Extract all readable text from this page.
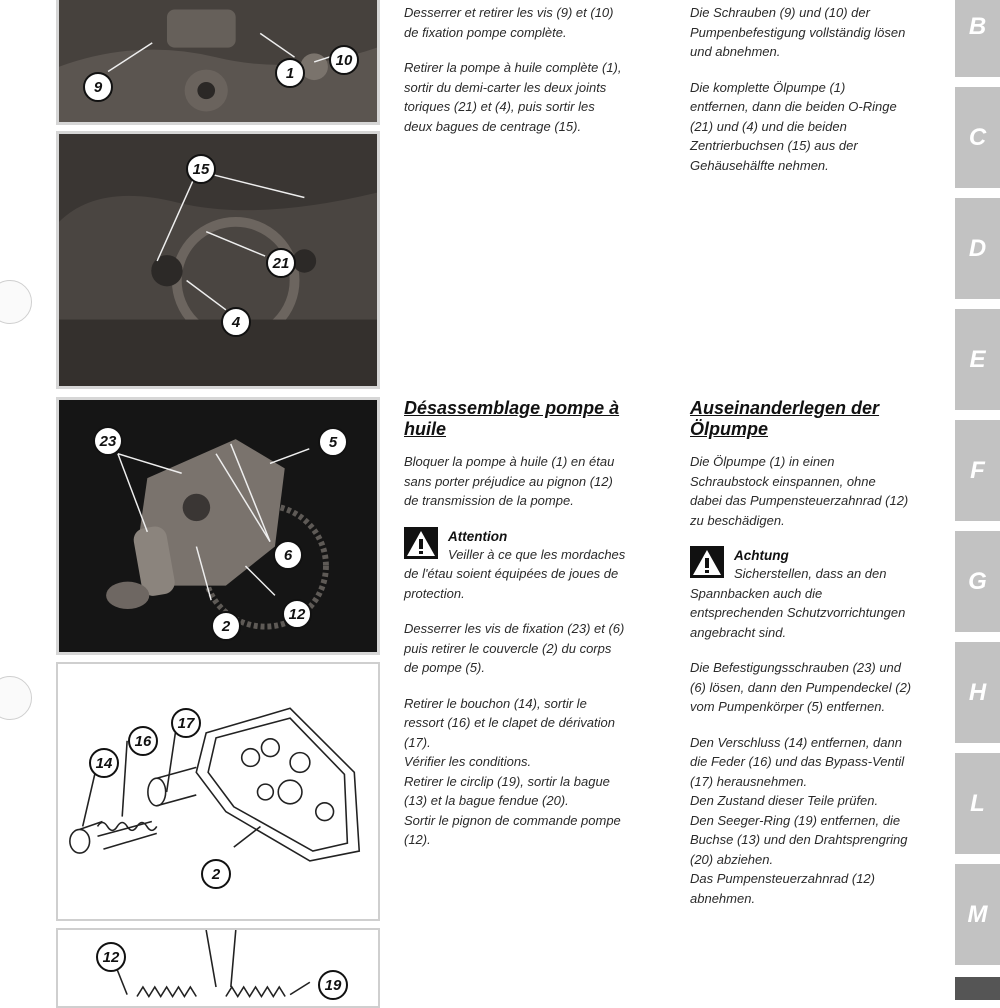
9
1
10
15
21
4
23	5
6
2
12
17
16
14
2
12
19

Desserrer et retirer les vis (9) et (10)
de fixation pompe complète.

Retirer la pompe à huile complète (1),
sortir du demi-carter les deux joints
toriques (21) et (4), puis sortir les
deux bagues de centrage (15).

Désassemblage pompe à
huile

Bloquer la pompe à huile (1) en étau
sans porter préjudice au pignon (12)
de transmission de la pompe.

Attention
Veiller à ce que les mordaches
de l'étau soient équipées de joues de
protection.

Desserrer les vis de fixation (23) et (6)
puis retirer le couvercle (2) du corps
de pompe (5).

Retirer le bouchon (14), sortir le
ressort (16) et le clapet de dérivation
(17).
Vérifier les conditions.
Retirer le circlip (19), sortir la bague
(13) et la bague fendue (20).
Sortir le pignon de commande pompe
(12).

Die Schrauben (9) und (10) der
Pumpenbefestigung vollständig lösen
und abnehmen.

Die komplette Ölpumpe (1)
entfernen, dann die beiden O-Ringe
(21) und (4) und die beiden
Zentrierbuchsen (15) aus der
Gehäusehälfte nehmen.

Auseinanderlegen der
Ölpumpe

Die Ölpumpe (1) in einen
Schraubstock einspannen, ohne
dabei das Pumpensteuerzahnrad (12)
zu beschädigen.

Achtung
Sicherstellen, dass an den
Spannbacken auch die
entsprechenden Schutzvorrichtungen
angebracht sind.

Die Befestigungsschrauben (23) und
(6) lösen, dann den Pumpendeckel (2)
vom Pumpenkörper (5) entfernen.

Den Verschluss (14) entfernen, dann
die Feder (16) und das Bypass-Ventil
(17) herausnehmen.
Den Zustand dieser Teile prüfen.
Den Seeger-Ring (19) entfernen, die
Buchse (13) und den Drahtsprengring
(20) abziehen.
Das Pumpensteuerzahnrad (12)
abnehmen.

B
C
D
E
F
G
H
L
M
